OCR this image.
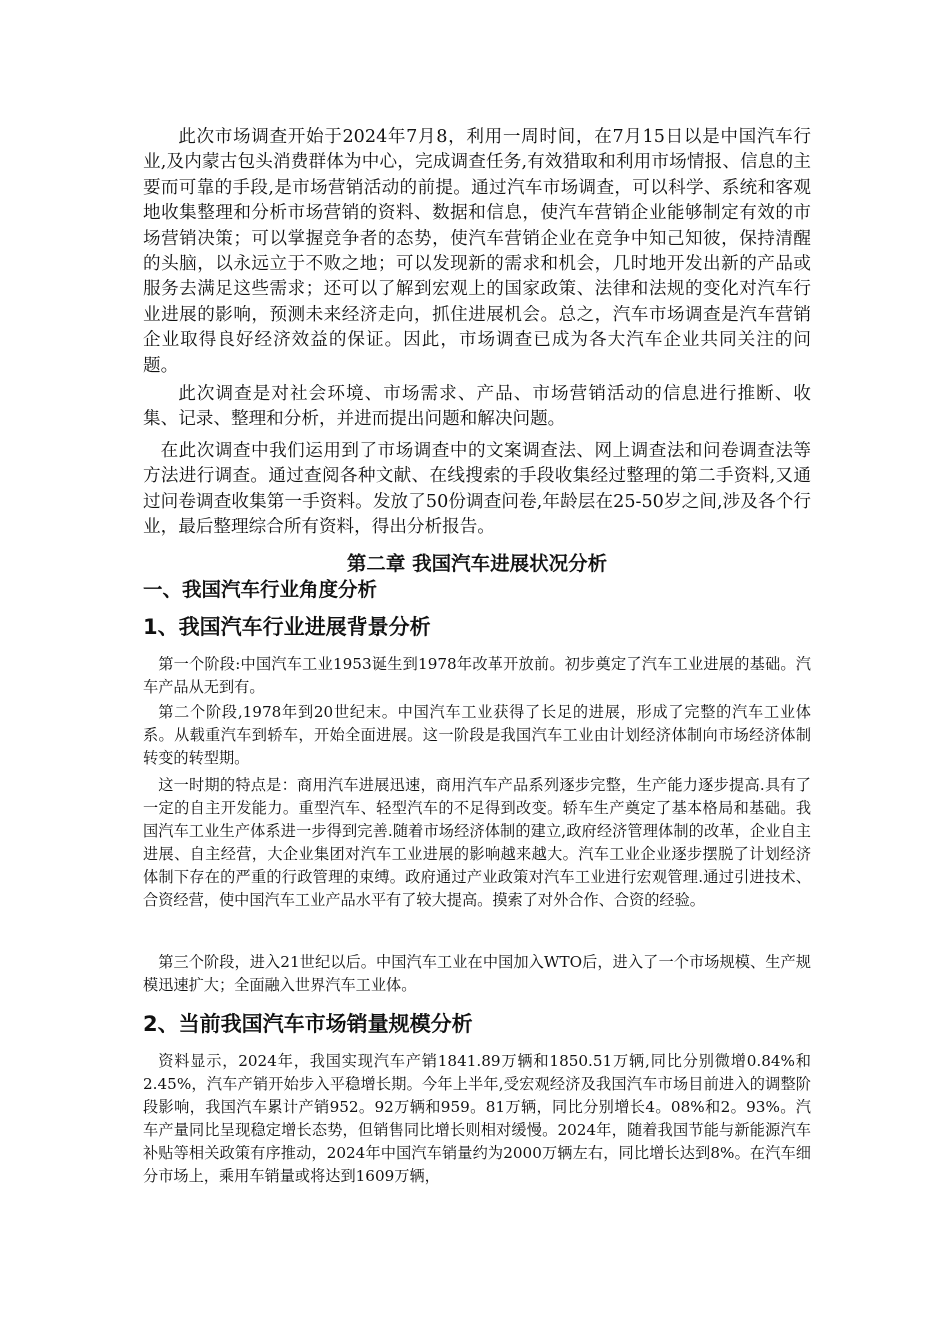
此次市场调查开始于2024年7月8，利用一周时间，在7月15日以是中国汽车行业,及内蒙古包头消费群体为中心，完成调查任务,有效猎取和利用市场情报、信息的主要而可靠的手段,是市场营销活动的前提。通过汽车市场调查，可以科学、系统和客观地收集整理和分析市场营销的资料、数据和信息，使汽车营销企业能够制定有效的市场营销决策；可以掌握竞争者的态势，使汽车营销企业在竞争中知己知彼，保持清醒的头脑，以永远立于不败之地；可以发现新的需求和机会，几时地开发出新的产品或服务去满足这些需求；还可以了解到宏观上的国家政策、法律和法规的变化对汽车行业进展的影响，预测未来经济走向，抓住进展机会。总之，汽车市场调查是汽车营销企业取得良好经济效益的保证。因此，市场调查已成为各大汽车企业共同关注的问题。

此次调查是对社会环境、市场需求、产品、市场营销活动的信息进行推断、收集、记录、整理和分析，并进而提出问题和解决问题。

在此次调查中我们运用到了市场调查中的文案调查法、网上调查法和问卷调查法等方法进行调查。通过查阅各种文献、在线搜索的手段收集经过整理的第二手资料,又通过问卷调查收集第一手资料。发放了50份调查问卷,年龄层在25-50岁之间,涉及各个行业，最后整理综合所有资料，得出分析报告。

第二章 我国汽车进展状况分析
一、我国汽车行业角度分析
1、我国汽车行业进展背景分析

第一个阶段:中国汽车工业1953诞生到1978年改革开放前。初步奠定了汽车工业进展的基础。汽车产品从无到有。

第二个阶段,1978年到20世纪末。中国汽车工业获得了长足的进展，形成了完整的汽车工业体系。从载重汽车到轿车，开始全面进展。这一阶段是我国汽车工业由计划经济体制向市场经济体制转变的转型期。

这一时期的特点是：商用汽车进展迅速，商用汽车产品系列逐步完整，生产能力逐步提高.具有了一定的自主开发能力。重型汽车、轻型汽车的不足得到改变。轿车生产奠定了基本格局和基础。我国汽车工业生产体系进一步得到完善.随着市场经济体制的建立,政府经济管理体制的改革，企业自主进展、自主经营，大企业集团对汽车工业进展的影响越来越大。汽车工业企业逐步摆脱了计划经济体制下存在的严重的行政管理的束缚。政府通过产业政策对汽车工业进行宏观管理.通过引进技术、合资经营，使中国汽车工业产品水平有了较大提高。摸索了对外合作、合资的经验。

第三个阶段，进入21世纪以后。中国汽车工业在中国加入WTO后，进入了一个市场规模、生产规模迅速扩大；全面融入世界汽车工业体。

2、当前我国汽车市场销量规模分析

资料显示，2024年，我国实现汽车产销1841.89万辆和1850.51万辆,同比分别微增0.84%和2.45%，汽车产销开始步入平稳增长期。今年上半年,受宏观经济及我国汽车市场目前进入的调整阶段影响，我国汽车累计产销952。92万辆和959。81万辆，同比分别增长4。08%和2。93%。汽车产量同比呈现稳定增长态势，但销售同比增长则相对缓慢。2024年，随着我国节能与新能源汽车补贴等相关政策有序推动，2024年中国汽车销量约为2000万辆左右，同比增长达到8%。在汽车细分市场上，乘用车销量或将达到1609万辆，
